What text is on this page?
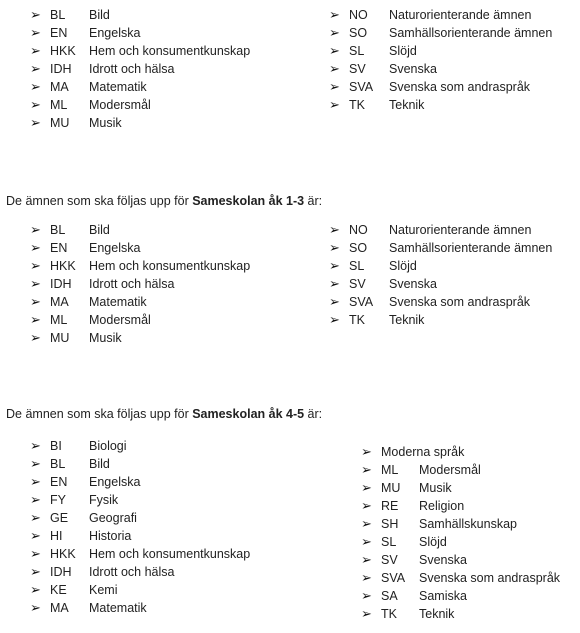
➢ BL	Bild
➢ EN	Engelska
➢ HKK	Hem och konsumentkunskap
➢ IDH	Idrott och hälsa
➢ MA	Matematik
➢ ML	Modersmål
➢ MU	Musik
➢ NO	Naturorienterande ämnen
➢ SO	Samhällsorienterande ämnen
➢ SL	Slöjd
➢ SV	Svenska
➢ SVA	Svenska som andraspråk
➢ TK	Teknik
De ämnen som ska följas upp för Sameskolan åk 1-3 är:
➢ BL	Bild
➢ EN	Engelska
➢ HKK	Hem och konsumentkunskap
➢ IDH	Idrott och hälsa
➢ MA	Matematik
➢ ML	Modersmål
➢ MU	Musik
➢ NO	Naturorienterande ämnen
➢ SO	Samhällsorienterande ämnen
➢ SL	Slöjd
➢ SV	Svenska
➢ SVA	Svenska som andraspråk
➢ TK	Teknik
De ämnen som ska följas upp för Sameskolan åk 4-5 är:
➢ BI	Biologi
➢ BL	Bild
➢ EN	Engelska
➢ FY	Fysik
➢ GE	Geografi
➢ HI	Historia
➢ HKK	Hem och konsumentkunskap
➢ IDH	Idrott och hälsa
➢ KE	Kemi
➢ MA	Matematik
➢ Moderna språk
➢ ML	Modersmål
➢ MU	Musik
➢ RE	Religion
➢ SH	Samhällskunskap
➢ SL	Slöjd
➢ SV	Svenska
➢ SVA	Svenska som andraspråk
➢ SA	Samiska
➢ TK	Teknik
